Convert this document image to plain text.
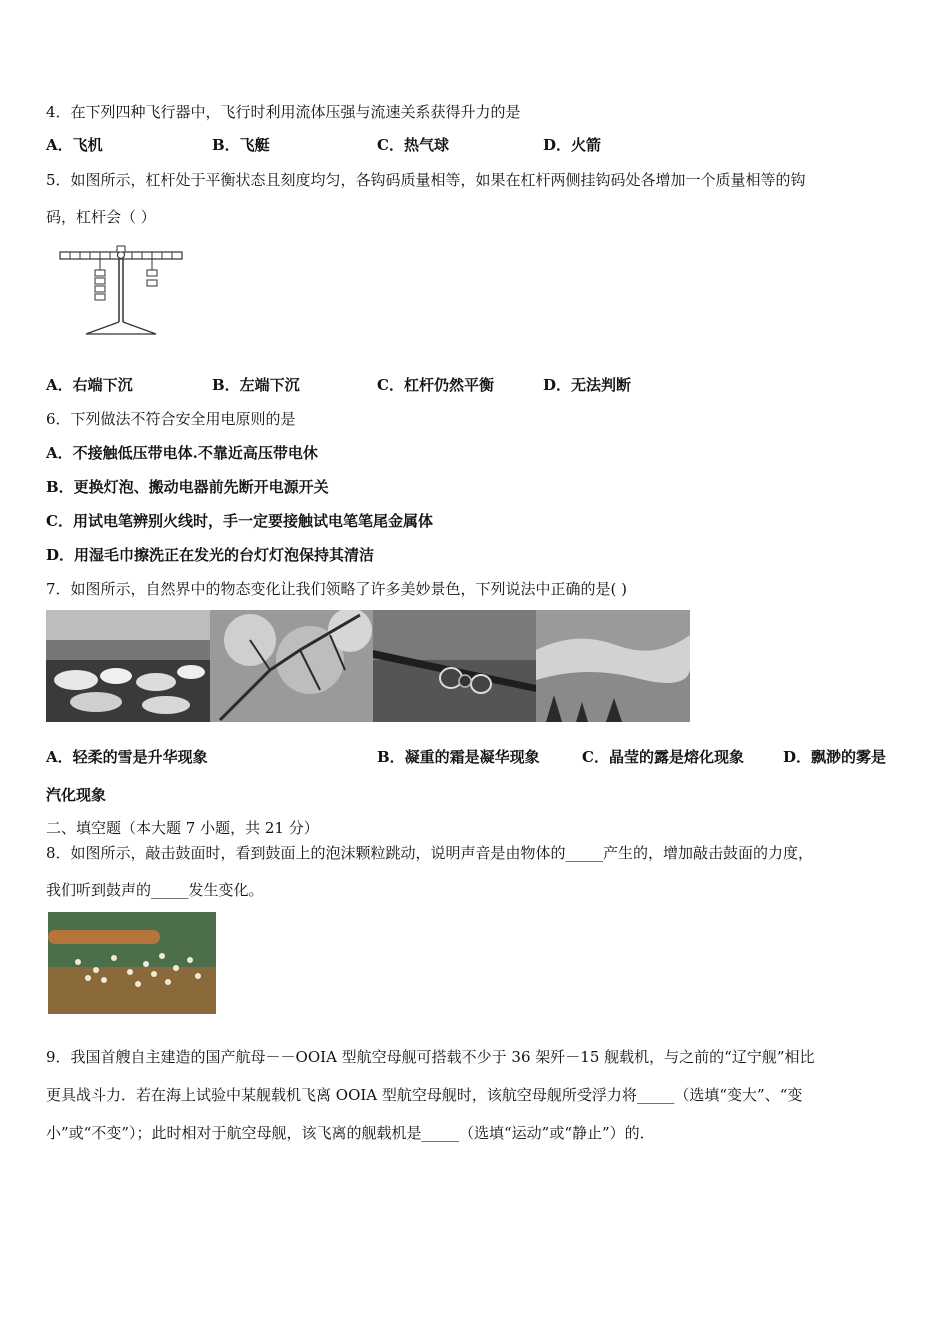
4．在下列四种飞行器中，飞行时利用流体压强与流速关系获得升力的是
A．飞机	B．飞艇	C．热气球	D．火箭
5．如图所示，杠杆处于平衡状态且刻度均匀，各钩码质量相等，如果在杠杆两侧挂钩码处各增加一个质量相等的钩
码，杠杆会（ ）
A．右端下沉	B．左端下沉	C．杠杆仍然平衡	D．无法判断
6．下列做法不符合安全用电原则的是
A．不接触低压带电体.不靠近高压带电休
B．更换灯泡、搬动电器前先断开电源开关
C．用试电笔辨别火线时，手一定要接触试电笔笔尾金属体
D．用湿毛巾擦洗正在发光的台灯灯泡保持其清洁
7．如图所示，自然界中的物态变化让我们领略了许多美妙景色，下列说法中正确的是( )
A．轻柔的雪是升华现象	B．凝重的霜是凝华现象	C．晶莹的露是熔化现象	D．飘渺的雾是
汽化现象
二、填空题（本大题 7 小题，共 21 分）
8．如图所示，敲击鼓面时，看到鼓面上的泡沫颗粒跳动，说明声音是由物体的_____产生的，增加敲击鼓面的力度，
我们听到鼓声的_____发生变化。
9．我国首艘自主建造的国产航母－－OOIA 型航空母舰可搭载不少于 36 架歼－15 舰载机，与之前的“辽宁舰”相比
更具战斗力．若在海上试验中某舰载机飞离 OOIA 型航空母舰时，该航空母舰所受浮力将_____（选填“变大”、“变
小”或“不变”）；此时相对于航空母舰，该飞离的舰载机是_____（选填“运动”或“静止”）的．
